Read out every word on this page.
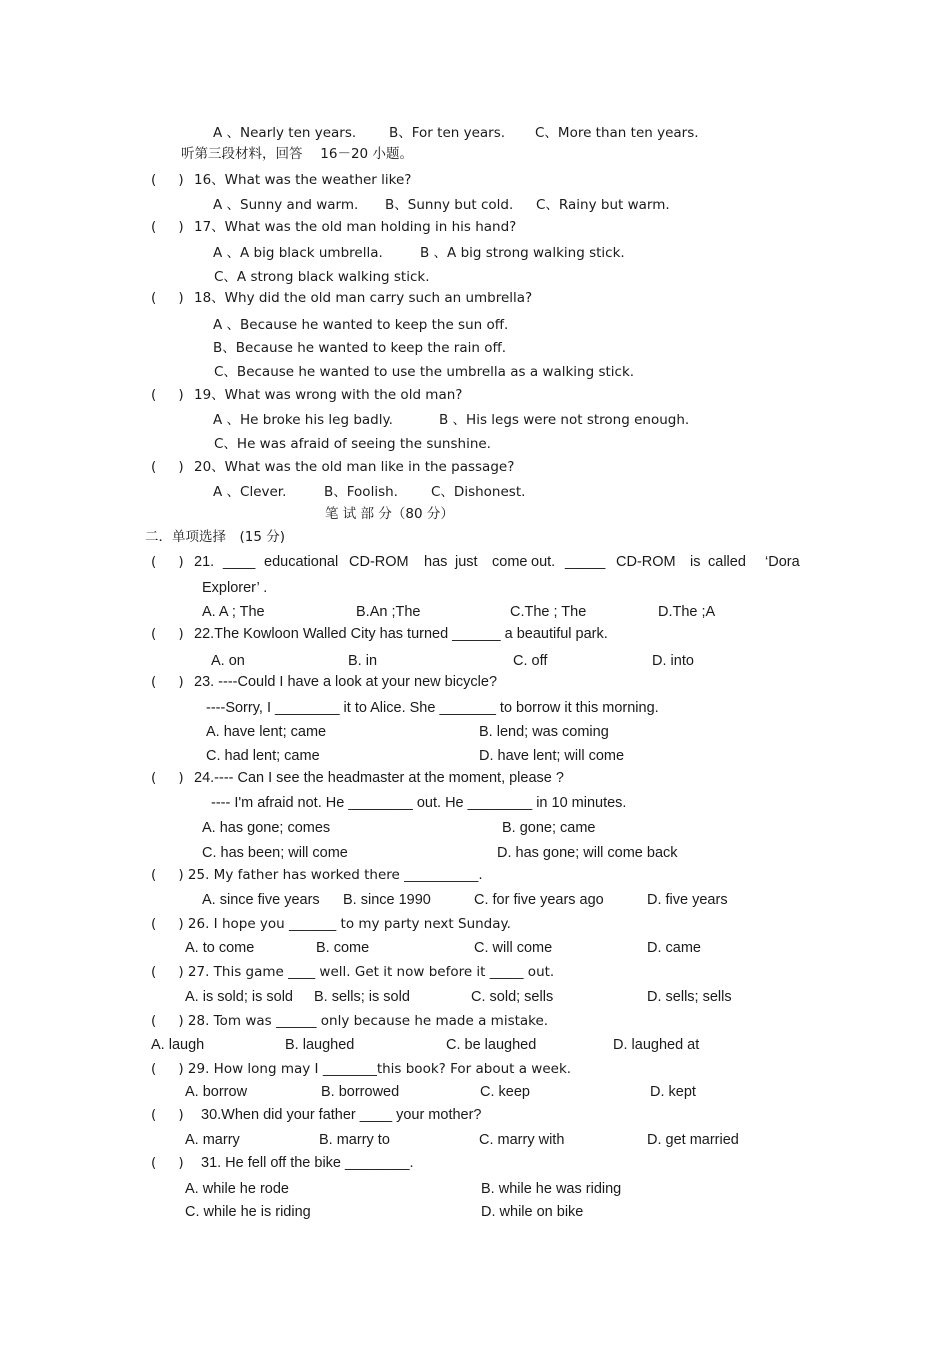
A 、Nearly ten years. B、For ten years. C、More than ten years.
听第三段材料，回答　 16－20 小题。
(　  ) 16、What was the weather like?
A 、Sunny and warm. B、Sunny but cold. C、Rainy but warm.
(　  ) 17、What was the old man holding in his hand?
A 、A big black umbrella.	B 、A big strong walking stick.
C、A strong black walking stick.
(　  ) 18、Why did the old man carry such an umbrella?
A 、Because he wanted to keep the sun off.
B、Because he wanted to keep the rain off.
C、Because he wanted to use the umbrella as a walking stick.
(　  ) 19、What was wrong with the old man?
A 、He broke his leg badly.	B 、His legs were not strong enough.
C、He was afraid of seeing the sunshine.
(　  ) 20、What was the old man like in the passage?
A 、Clever.	B、Foolish. C、Dishonest.
笔 试 部 分（80 分）
二．单项选择　(15 分)
(　  ) 21. ____ educational CD-ROM has just come out. _____ CD-ROM is called ‘Dora
Explorer’ .
A. A ; The	B.An ;The	C.The ; The	D.The ;A
(　  ) 22.The Kowloon Walled City has turned ______ a beautiful park.
A. on	B. in	C. off	D. into
(　  ) 23. ----Could I have a look at your new bicycle?
----Sorry, I ________ it to Alice. She _______ to borrow it this morning.
A. have lent; came	B. lend; was coming
C. had lent; came	D. have lent; will come
(　  ) 24.---- Can I see the headmaster at the moment, please ?
---- I'm afraid not. He ________ out. He ________ in 10 minutes.
A. has gone; comes	B. gone; came
C. has been; will come	D. has gone; will come back
(　  ) 25. My father has worked there ___________.
A. since five years B. since 1990	C. for five years ago	D. five years
(　  ) 26. I hope you _______ to my party next Sunday.
A. to come	B. come	C. will come	D. came
(　  ) 27. This game ____ well. Get it now before it _____ out.
A. is sold; is sold B. sells; is sold	C. sold; sells	D. sells; sells
(　  ) 28. Tom was ______ only because he made a mistake.
A. laugh	B. laughed	C. be laughed	D. laughed at
(　  ) 29. How long may I ________this book? For about a week.
A. borrow	B. borrowed	C. keep	D. kept
(　  ) 30.When did your father ____ your mother?
A. marry	B. marry to	C. marry with	D. get married
(　  ) 31. He fell off the bike ________.
A. while he rode	B. while he was riding
C. while he is riding	D. while on bike
